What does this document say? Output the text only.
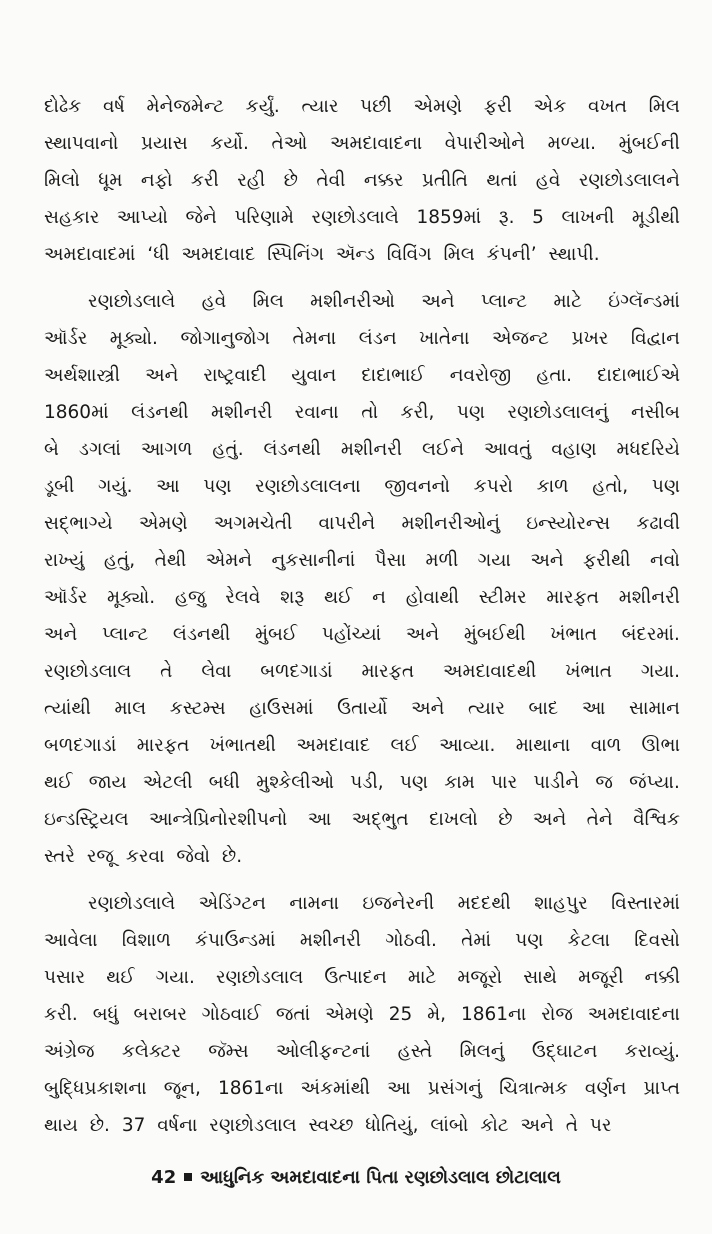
દોઢેક વર્ષ મેનેજમેન્ટ કર્યું. ત્યાર પછી એમણે ફરી એક વખત મિલ
સ્થાપવાનો પ્રયાસ કર્યો. તેઓ અમદાવાદના વેપારીઓને મળ્યા. મુંબઈની
મિલો ધૂમ નફો કરી રહી છે તેવી નક્કર પ્રતીતિ થતાં હવે રણછોડલાલને
સહકાર આપ્યો જેને પરિણામે રણછોડલાલે 1859માં રૂ. 5 લાખની મૂડીથી
અમદાવાદમાં ‘ધી અમદાવાદ સ્પિનિંગ ઍન્ડ વિવિંગ મિલ કંપની’ સ્થાપી.
રણછોડલાલે હવે મિલ મશીનરીઓ અને પ્લાન્ટ માટે ઇંગ્લૅન્ડમાં
ઑર્ડર મૂક્યો. જોગાનુજોગ તેમના લંડન ખાતેના એજન્ટ પ્રખર વિદ્વાન
અર્થશાસ્ત્રી અને રાષ્ટ્રવાદી યુવાન દાદાભાઈ નવરોજી હતા. દાદાભાઈએ
1860માં લંડનથી મશીનરી રવાના તો કરી, પણ રણછોડલાલનું નસીબ
બે ડગલાં આગળ હતું. લંડનથી મશીનરી લઈને આવતું વહાણ મધદરિયે
ડૂબી ગયું. આ પણ રણછોડલાલના જીવનનો કપરો કાળ હતો, પણ
સદ્‌ભાગ્યે એમણે અગમચેતી વાપરીને મશીનરીઓનું ઇન્સ્યોરન્સ કઢાવી
રાખ્યું હતું, તેથી એમને નુકસાનીનાં પૈસા મળી ગયા અને ફરીથી નવો
ઑર્ડર મૂક્યો. હજુ રેલવે શરૂ થઈ ન હોવાથી સ્ટીમર મારફત મશીનરી
અને પ્લાન્ટ લંડનથી મુંબઈ પહોંચ્યાં અને મુંબઈથી ખંભાત બંદરમાં.
રણછોડલાલ તે લેવા બળદગાડાં મારફત અમદાવાદથી ખંભાત ગયા.
ત્યાંથી માલ કસ્ટમ્સ હાઉસમાં ઉતાર્યો અને ત્યાર બાદ આ સામાન
બળદગાડાં મારફત ખંભાતથી અમદાવાદ લઈ આવ્યા. માથાના વાળ ઊભા
થઈ જાય એટલી બધી મુશ્કેલીઓ પડી, પણ કામ પાર પાડીને જ જંપ્યા.
ઇન્ડસ્ટ્રિયલ આન્ત્રેપ્રિનોરશીપનો આ અદ્‌ભુત દાખલો છે અને તેને વૈશ્વિક
સ્તરે રજૂ કરવા જેવો છે.
રણછોડલાલે એડિંગ્ટન નામના ઇજનેરની મદદથી શાહપુર વિસ્તારમાં
આવેલા વિશાળ કંપાઉન્ડમાં મશીનરી ગોઠવી. તેમાં પણ કેટલા દિવસો
પસાર થઈ ગયા. રણછોડલાલ ઉત્પાદન માટે મજૂરો સાથે મજૂરી નક્કી
કરી. બધું બરાબર ગોઠવાઈ જતાં એમણે 25 મે, 1861ના રોજ અમદાવાદના
અંગ્રેજ કલેક્ટર જૅમ્સ ઓલીફન્ટનાં હસ્તે મિલનું ઉદ્‌ઘાટન કરાવ્યું.
બુદ્ધિપ્રકાશના જૂન, 1861ના અંકમાંથી આ પ્રસંગનું ચિત્રાત્મક વર્ણન પ્રાપ્ત
થાય છે. 37 વર્ષના રણછોડલાલ સ્વચ્છ ધોતિયું, લાંબો કોટ અને તે પર
42 આધુનિક અમદાવાદના પિતા રણછોડલાલ છોટાલાલ
